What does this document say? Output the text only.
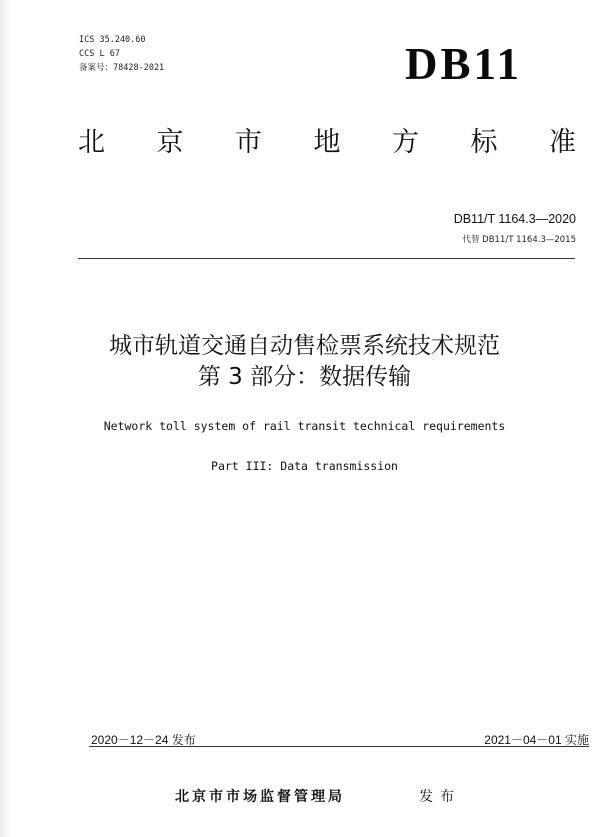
ICS 35.240.60
CCS L 67
备案号：78428-2021	DB11
北 京 市 地 方 标 准
DB11/T 1164.3—2020
代替 DB11/T 1164.3—2015
城市轨道交通自动售检票系统技术规范
第 3 部分：数据传输
Network toll system of rail transit technical requirements
Part III: Data transmission
2020－12－24 发布	2021－04－01 实施
北京市市场监督管理局	发布
